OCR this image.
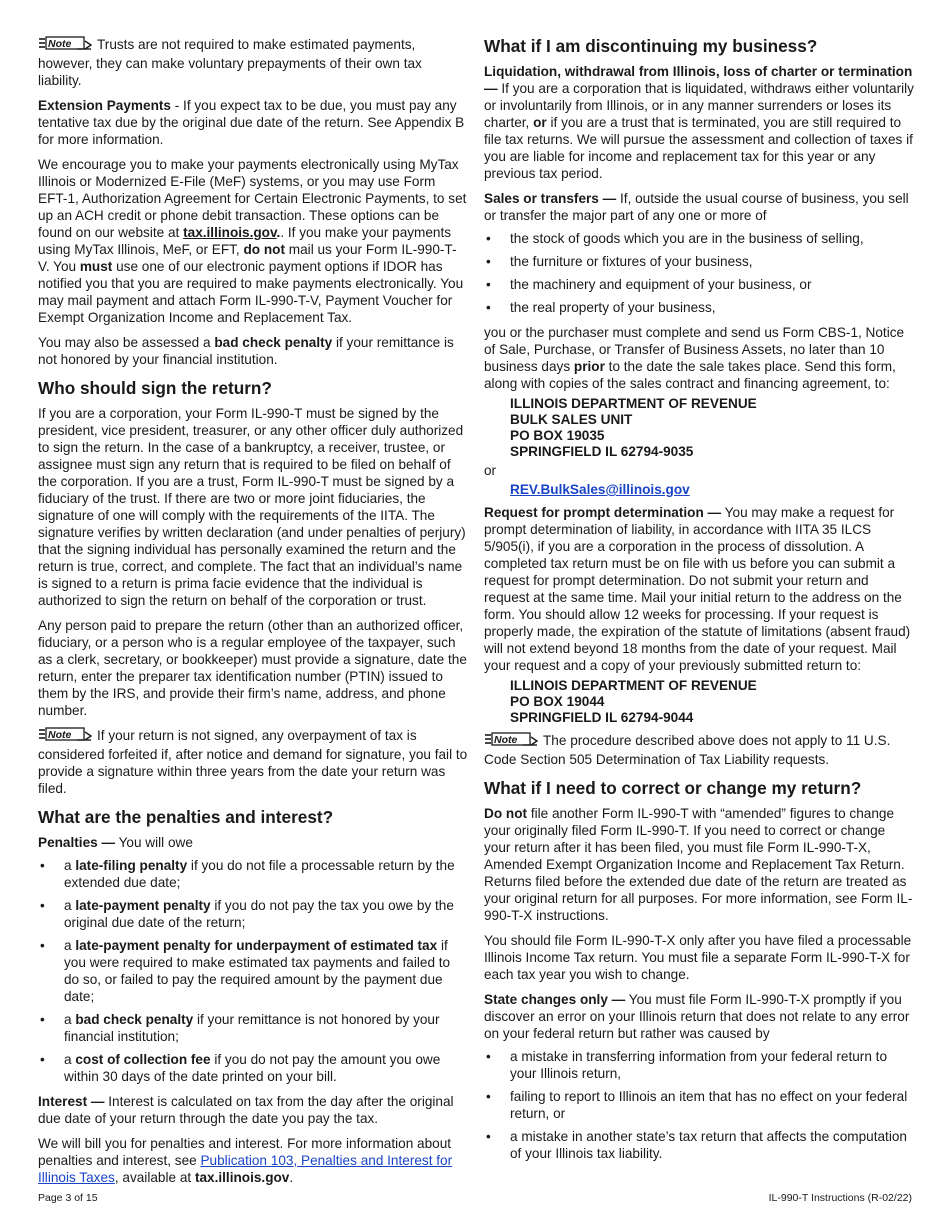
Note Trusts are not required to make estimated payments, however, they can make voluntary prepayments of their own tax liability.

Extension Payments - If you expect tax to be due, you must pay any tentative tax due by the original due date of the return. See Appendix B for more information.

We encourage you to make your payments electronically using MyTax Illinois or Modernized E-File (MeF) systems, or you may use Form EFT-1, Authorization Agreement for Certain Electronic Payments, to set up an ACH credit or phone debit transaction. These options can be found on our website at tax.illinois.gov.. If you make your payments using MyTax Illinois, MeF, or EFT, do not mail us your Form IL-990-T-V. You must use one of our electronic payment options if IDOR has notified you that you are required to make payments electronically. You may mail payment and attach Form IL-990-T-V, Payment Voucher for Exempt Organization Income and Replacement Tax.

You may also be assessed a bad check penalty if your remittance is not honored by your financial institution.

Who should sign the return?

If you are a corporation, your Form IL-990-T must be signed by the president, vice president, treasurer, or any other officer duly authorized to sign the return. In the case of a bankruptcy, a receiver, trustee, or assignee must sign any return that is required to be filed on behalf of the corporation. If you are a trust, Form IL-990-T must be signed by a fiduciary of the trust. If there are two or more joint fiduciaries, the signature of one will comply with the requirements of the IITA. The signature verifies by written declaration (and under penalties of perjury) that the signing individual has personally examined the return and the return is true, correct, and complete. The fact that an individual’s name is signed to a return is prima facie evidence that the individual is authorized to sign the return on behalf of the corporation or trust.

Any person paid to prepare the return (other than an authorized officer, fiduciary, or a person who is a regular employee of the taxpayer, such as a clerk, secretary, or bookkeeper) must provide a signature, date the return, enter the preparer tax identification number (PTIN) issued to them by the IRS, and provide their firm’s name, address, and phone number.

Note If your return is not signed, any overpayment of tax is considered forfeited if, after notice and demand for signature, you fail to provide a signature within three years from the date your return was filed.

What are the penalties and interest?

Penalties — You will owe

• a late-filing penalty if you do not file a processable return by the extended due date;
• a late-payment penalty if you do not pay the tax you owe by the original due date of the return;
• a late-payment penalty for underpayment of estimated tax if you were required to make estimated tax payments and failed to do so, or failed to pay the required amount by the payment due date;
• a bad check penalty if your remittance is not honored by your financial institution;
• a cost of collection fee if you do not pay the amount you owe within 30 days of the date printed on your bill.

Interest — Interest is calculated on tax from the day after the original due date of your return through the date you pay the tax.

We will bill you for penalties and interest. For more information about penalties and interest, see Publication 103, Penalties and Interest for Illinois Taxes, available at tax.illinois.gov.

What if I am discontinuing my business?

Liquidation, withdrawal from Illinois, loss of charter or termination — If you are a corporation that is liquidated, withdraws either voluntarily or involuntarily from Illinois, or in any manner surrenders or loses its charter, or if you are a trust that is terminated, you are still required to file tax returns. We will pursue the assessment and collection of taxes if you are liable for income and replacement tax for this year or any previous tax period.

Sales or transfers — If, outside the usual course of business, you sell or transfer the major part of any one or more of

• the stock of goods which you are in the business of selling,
• the furniture or fixtures of your business,
• the machinery and equipment of your business, or
• the real property of your business,

you or the purchaser must complete and send us Form CBS-1, Notice of Sale, Purchase, or Transfer of Business Assets, no later than 10 business days prior to the date the sale takes place. Send this form, along with copies of the sales contract and financing agreement, to:

ILLINOIS DEPARTMENT OF REVENUE
BULK SALES UNIT
PO BOX 19035
SPRINGFIELD IL 62794-9035
or

REV.BulkSales@illinois.gov

Request for prompt determination — You may make a request for prompt determination of liability, in accordance with IITA 35 ILCS 5/905(i), if you are a corporation in the process of dissolution. A completed tax return must be on file with us before you can submit a request for prompt determination. Do not submit your return and request at the same time. Mail your initial return to the address on the form. You should allow 12 weeks for processing. If your request is properly made, the expiration of the statute of limitations (absent fraud) will not extend beyond 18 months from the date of your request. Mail your request and a copy of your previously submitted return to:

ILLINOIS DEPARTMENT OF REVENUE
PO BOX 19044
SPRINGFIELD IL 62794-9044

Note The procedure described above does not apply to 11 U.S. Code Section 505 Determination of Tax Liability requests.

What if I need to correct or change my return?

Do not file another Form IL-990-T with “amended” figures to change your originally filed Form IL-990-T. If you need to correct or change your return after it has been filed, you must file Form IL-990-T-X, Amended Exempt Organization Income and Replacement Tax Return. Returns filed before the extended due date of the return are treated as your original return for all purposes. For more information, see Form IL-990-T-X instructions.

You should file Form IL-990-T-X only after you have filed a processable Illinois Income Tax return. You must file a separate Form IL-990-T-X for each tax year you wish to change.

State changes only — You must file Form IL-990-T-X promptly if you discover an error on your Illinois return that does not relate to any error on your federal return but rather was caused by

• a mistake in transferring information from your federal return to your Illinois return,
• failing to report to Illinois an item that has no effect on your federal return, or
• a mistake in another state’s tax return that affects the computation of your Illinois tax liability.
Page 3 of 15	IL-990-T Instructions (R-02/22)
